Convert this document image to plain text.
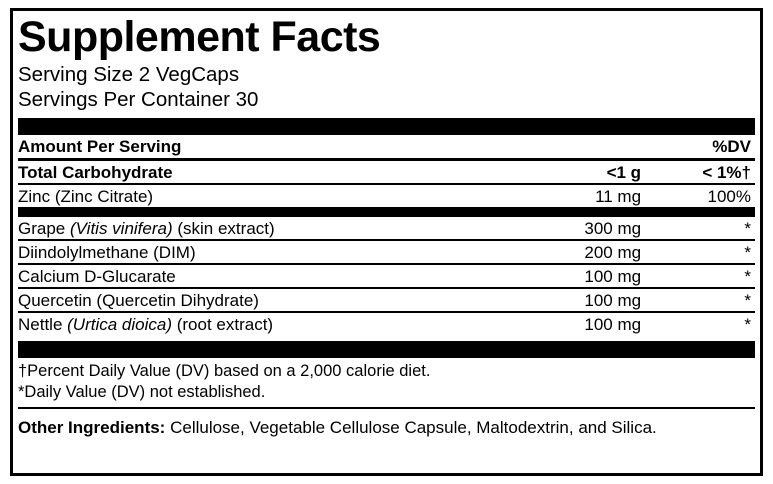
Supplement Facts
Serving Size 2 VegCaps
Servings Per Container 30
Amount Per Serving		%DV
Total Carbohydrate	<1 g	< 1%†
Zinc (Zinc Citrate)	11 mg	100%
Grape (Vitis vinifera) (skin extract)	300 mg	*
Diindolylmethane (DIM)	200 mg	*
Calcium D-Glucarate	100 mg	*
Quercetin (Quercetin Dihydrate)	100 mg	*
Nettle (Urtica dioica) (root extract)	100 mg	*
†Percent Daily Value (DV) based on a 2,000 calorie diet.
*Daily Value (DV) not established.
Other Ingredients: Cellulose, Vegetable Cellulose Capsule, Maltodextrin, and Silica.
